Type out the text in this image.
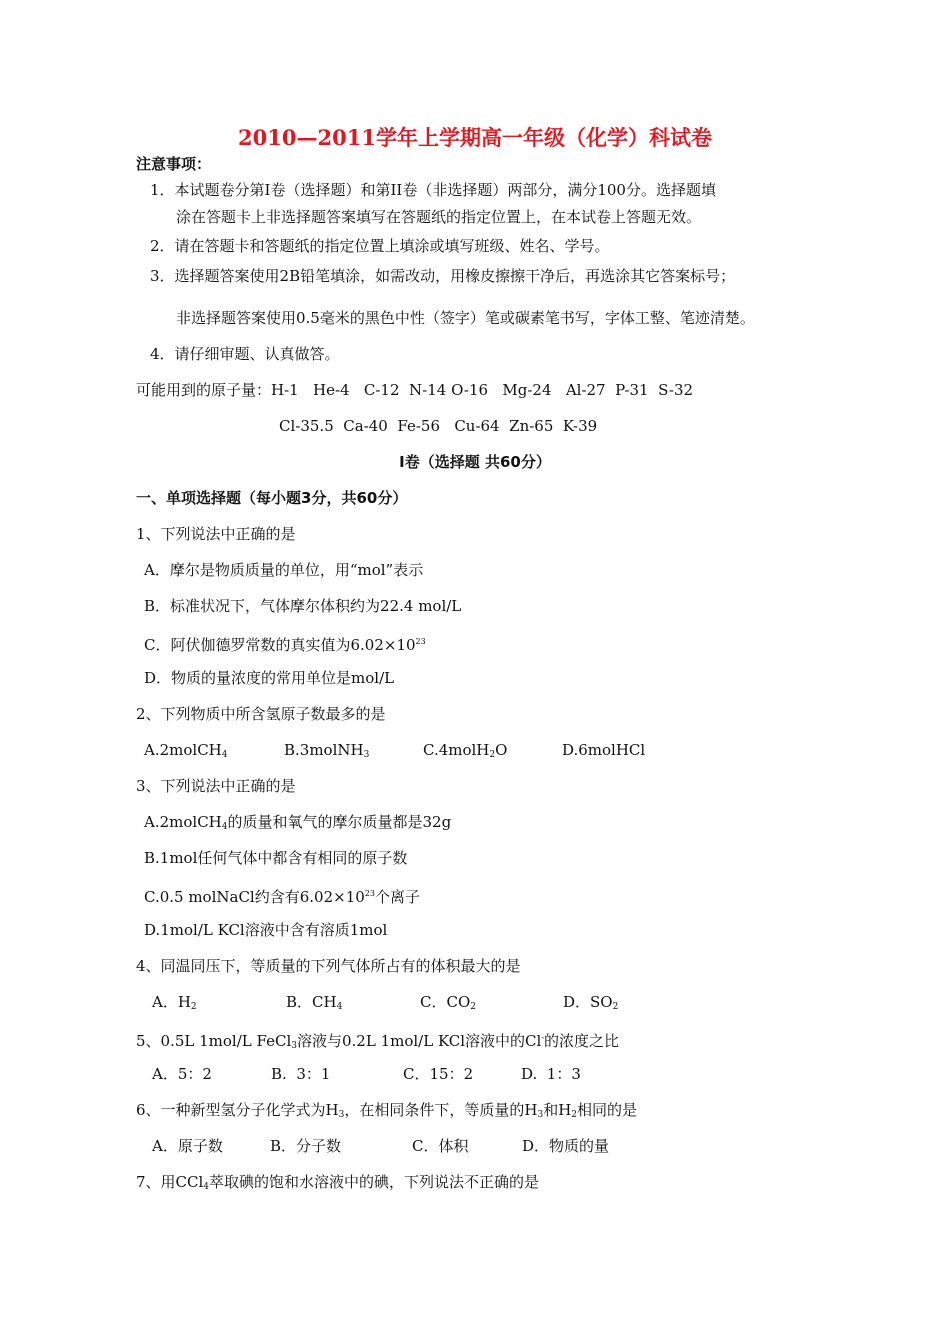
2010—2011学年上学期高一年级（化学）科试卷
注意事项：
1．本试题卷分第Ⅰ卷（选择题）和第II卷（非选择题）两部分，满分100分。选择题填
涂在答题卡上非选择题答案填写在答题纸的指定位置上，在本试卷上答题无效。
2．请在答题卡和答题纸的指定位置上填涂或填写班级、姓名、学号。
3．选择题答案使用2B铅笔填涂，如需改动，用橡皮擦擦干净后，再选涂其它答案标号；
非选择题答案使用0.5毫米的黑色中性（签字）笔或碳素笔书写，字体工整、笔迹清楚。
4．请仔细审题、认真做答。
可能用到的原子量：H-1   He-4   C-12  N-14 O-16   Mg-24   Al-27  P-31  S-32
Cl-35.5  Ca-40  Fe-56   Cu-64  Zn-65  K-39
Ⅰ卷（选择题 共60分）
一、单项选择题（每小题3分，共60分）
1、下列说法中正确的是
A．摩尔是物质质量的单位，用“mol”表示
B．标准状况下，气体摩尔体积约为22.4 mol/L
C．阿伏伽德罗常数的真实值为$6.02\times 10^{23}$
D．物质的量浓度的常用单位是mol/L
2、下列物质中所含氢原子数最多的是
A.2molCH$_4$	B.3molNH$_3$	C.4molH$_2$O	D.6molHCl
3、下列说法中正确的是
A.2molCH$_4$的质量和氧气的摩尔质量都是32g
B.1mol任何气体中都含有相同的原子数
C.0.5 molNaCl约含有$6.02\times 10^{23}$个离子
D.1mol/L KCl溶液中含有溶质1mol
4、同温同压下，等质量的下列气体所占有的体积最大的是
A．$H_2$	B．$CH_4$	C．$CO_2$	D．$SO_2$
5、0.5L 1mol/L FeCl$_3$溶液与0.2L 1mol/L KCl溶液中的Cl-的浓度之比
A．5：2	B.  3：1	C．15：2	D.  1：3
6、一种新型氢分子化学式为$H_3$，在相同条件下，等质量的$H_3$和$H_2$相同的是
A．原子数	B．分子数	C．体积	D．物质的量
7、用CCl$_4$萃取碘的饱和水溶液中的碘，下列说法不正确的是
